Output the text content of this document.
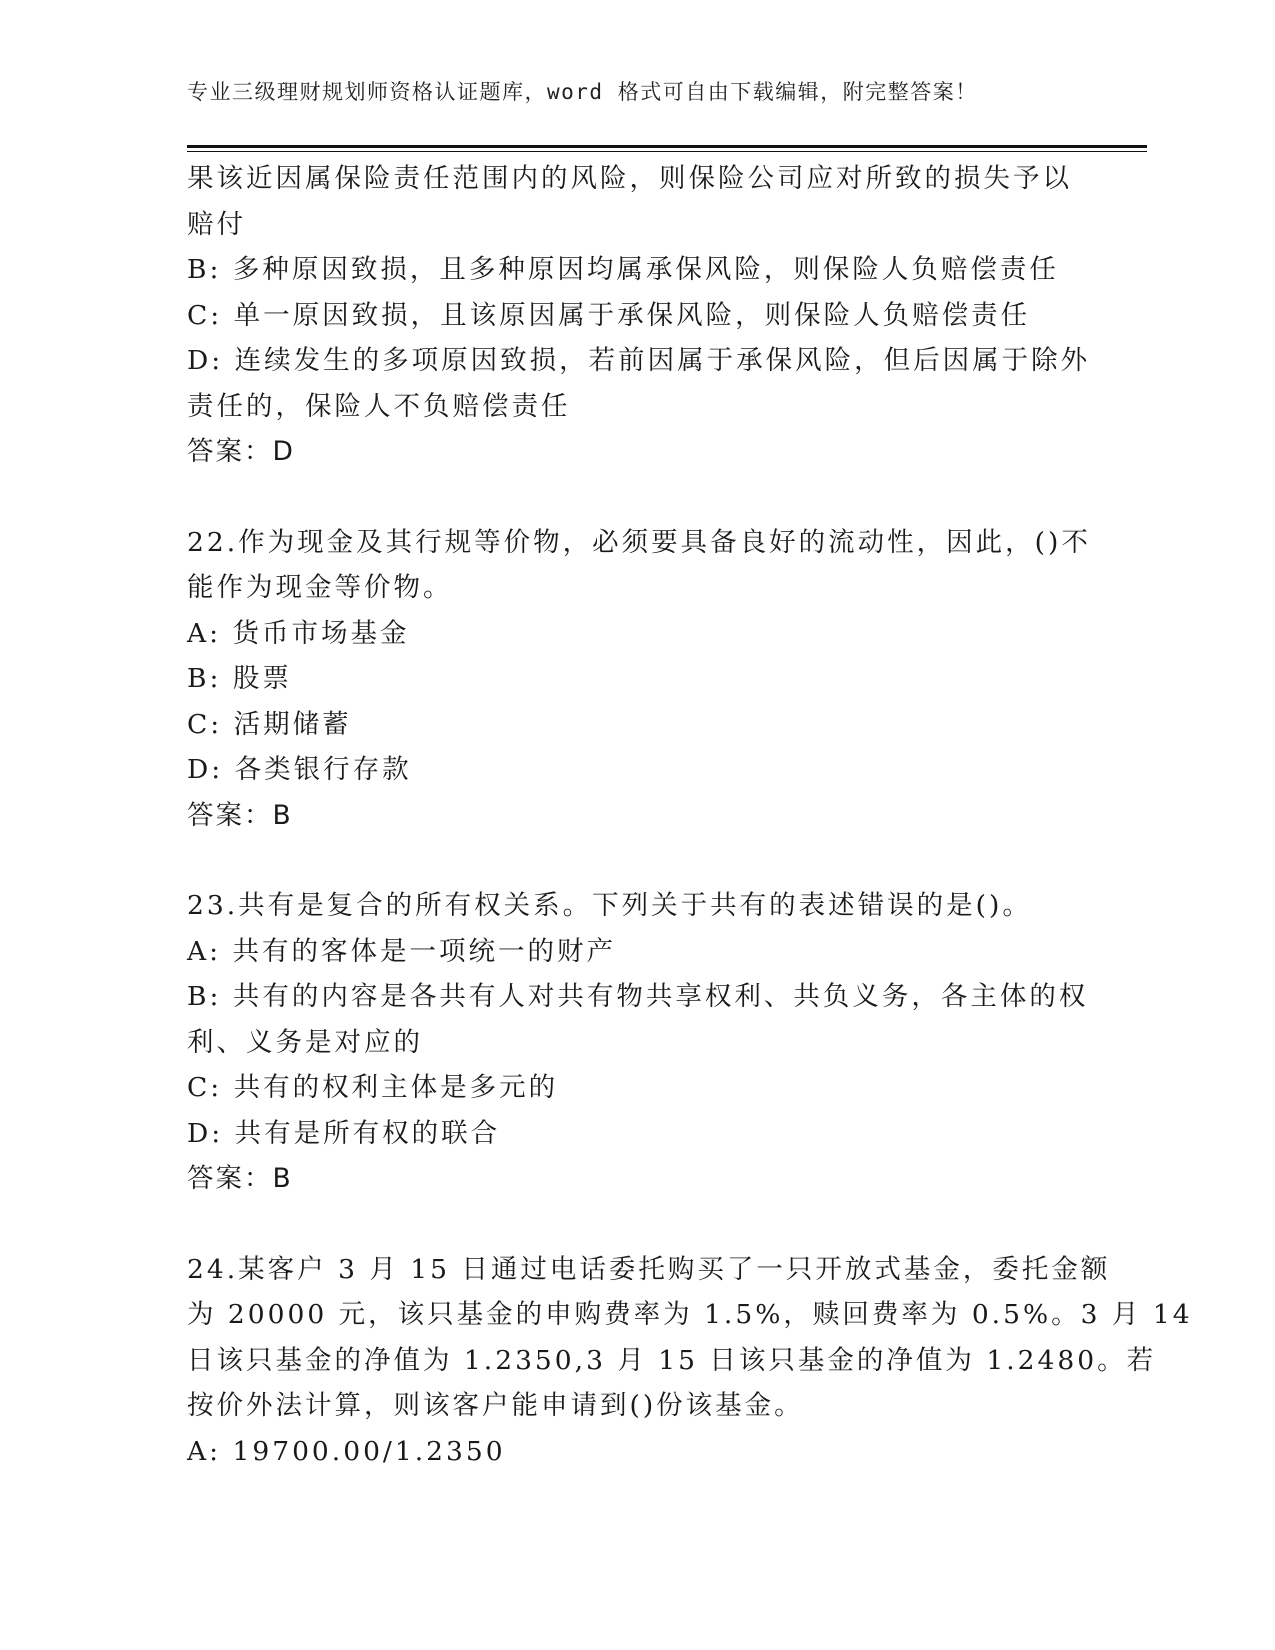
专业三级理财规划师资格认证题库，word 格式可自由下载编辑，附完整答案！
果该近因属保险责任范围内的风险，则保险公司应对所致的损失予以
赔付
B: 多种原因致损，且多种原因均属承保风险，则保险人负赔偿责任
C: 单一原因致损，且该原因属于承保风险，则保险人负赔偿责任
D: 连续发生的多项原因致损，若前因属于承保风险，但后因属于除外
责任的，保险人不负赔偿责任
答案：D
22.作为现金及其行规等价物，必须要具备良好的流动性，因此，()不
能作为现金等价物。
A: 货币市场基金
B: 股票
C: 活期储蓄
D: 各类银行存款
答案：B
23.共有是复合的所有权关系。下列关于共有的表述错误的是()。
A: 共有的客体是一项统一的财产
B: 共有的内容是各共有人对共有物共享权利、共负义务，各主体的权
利、义务是对应的
C: 共有的权利主体是多元的
D: 共有是所有权的联合
答案：B
24.某客户 3 月 15 日通过电话委托购买了一只开放式基金，委托金额
为 20000 元，该只基金的申购费率为 1.5%，赎回费率为 0.5%。3 月 14
日该只基金的净值为 1.2350,3 月 15 日该只基金的净值为 1.2480。若
按价外法计算，则该客户能申请到()份该基金。
A: 19700.00/1.2350
